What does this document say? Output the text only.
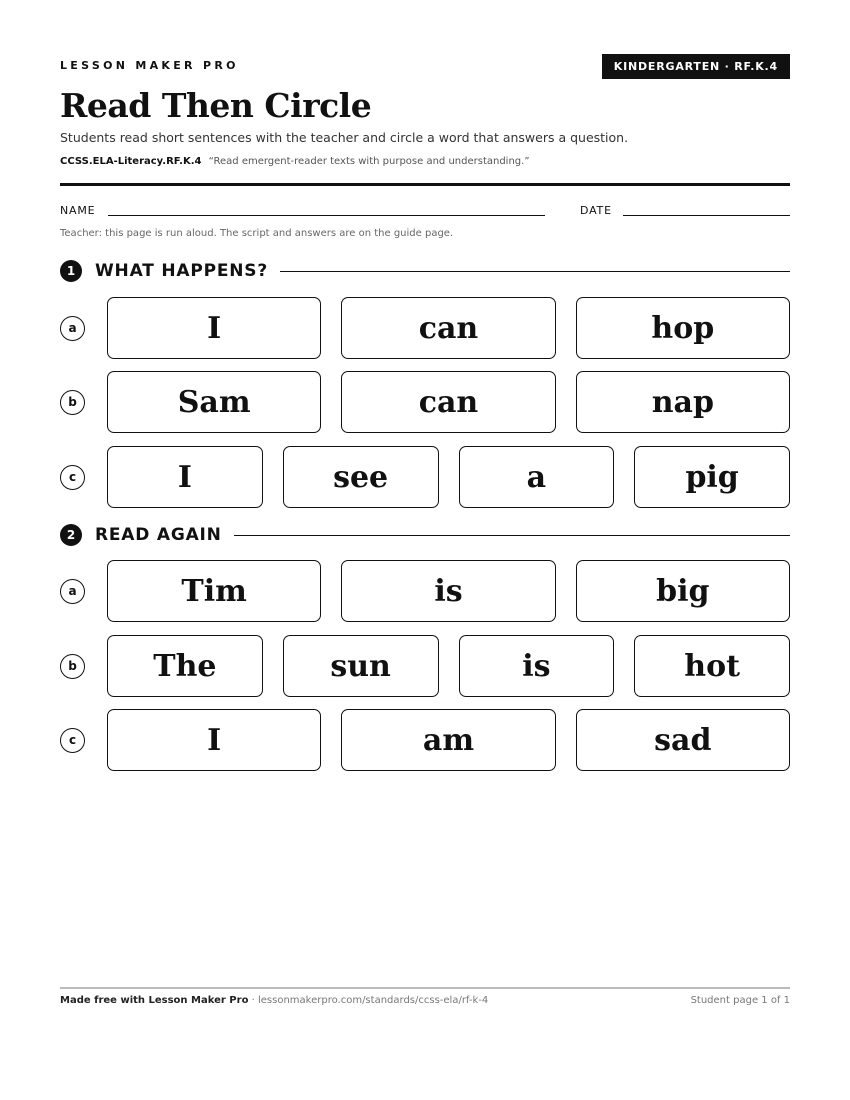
LESSON MAKER PRO	KINDERGARTEN · RF.K.4
Read Then Circle
Students read short sentences with the teacher and circle a word that answers a question.
CCSS.ELA-Literacy.RF.K.4 “Read emergent-reader texts with purpose and understanding.”
NAME	DATE
Teacher: this page is run aloud. The script and answers are on the guide page.
1	WHAT HAPPENS?
a	I	can	hop
b	Sam	can	nap
c	I	see	a	pig
2	READ AGAIN
a	Tim	is	big
b	The	sun	is	hot
c	I	am	sad
Made free with Lesson Maker Pro · lessonmakerpro.com/standards/ccss-ela/rf-k-4	Student page 1 of 1
